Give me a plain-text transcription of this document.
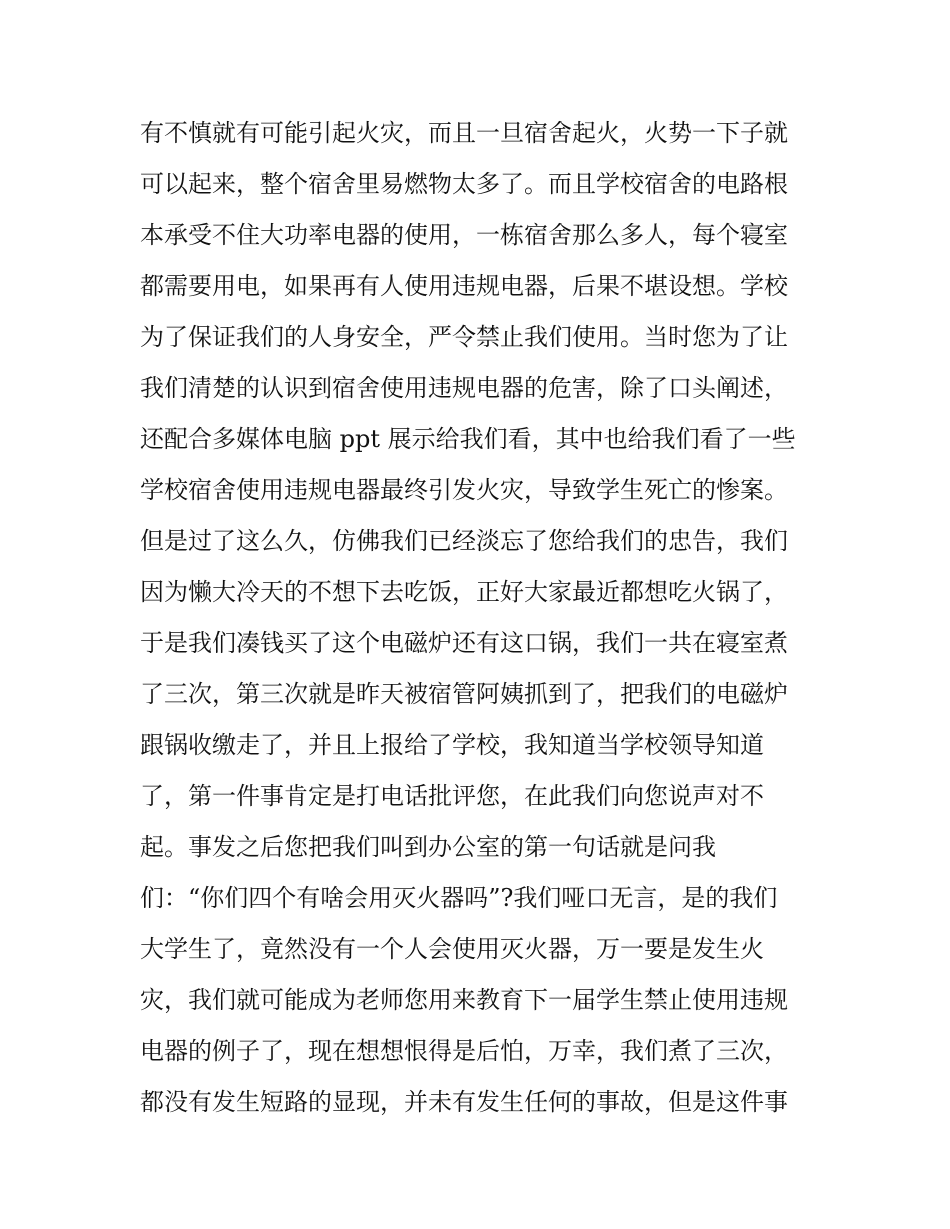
有不慎就有可能引起火灾，而且一旦宿舍起火，火势一下子就
可以起来，整个宿舍里易燃物太多了。而且学校宿舍的电路根
本承受不住大功率电器的使用，一栋宿舍那么多人，每个寝室
都需要用电，如果再有人使用违规电器，后果不堪设想。学校
为了保证我们的人身安全，严令禁止我们使用。当时您为了让
我们清楚的认识到宿舍使用违规电器的危害，除了口头阐述，
还配合多媒体电脑 ppt 展示给我们看，其中也给我们看了一些
学校宿舍使用违规电器最终引发火灾，导致学生死亡的惨案。
但是过了这么久，仿佛我们已经淡忘了您给我们的忠告，我们
因为懒大冷天的不想下去吃饭，正好大家最近都想吃火锅了，
于是我们凑钱买了这个电磁炉还有这口锅，我们一共在寝室煮
了三次，第三次就是昨天被宿管阿姨抓到了，把我们的电磁炉
跟锅收缴走了，并且上报给了学校，我知道当学校领导知道
了，第一件事肯定是打电话批评您，在此我们向您说声对不
起。事发之后您把我们叫到办公室的第一句话就是问我
们：“你们四个有啥会用灭火器吗”?我们哑口无言，是的我们
大学生了，竟然没有一个人会使用灭火器，万一要是发生火
灾，我们就可能成为老师您用来教育下一届学生禁止使用违规
电器的例子了，现在想想恨得是后怕，万幸，我们煮了三次，
都没有发生短路的显现，并未有发生任何的事故，但是这件事
